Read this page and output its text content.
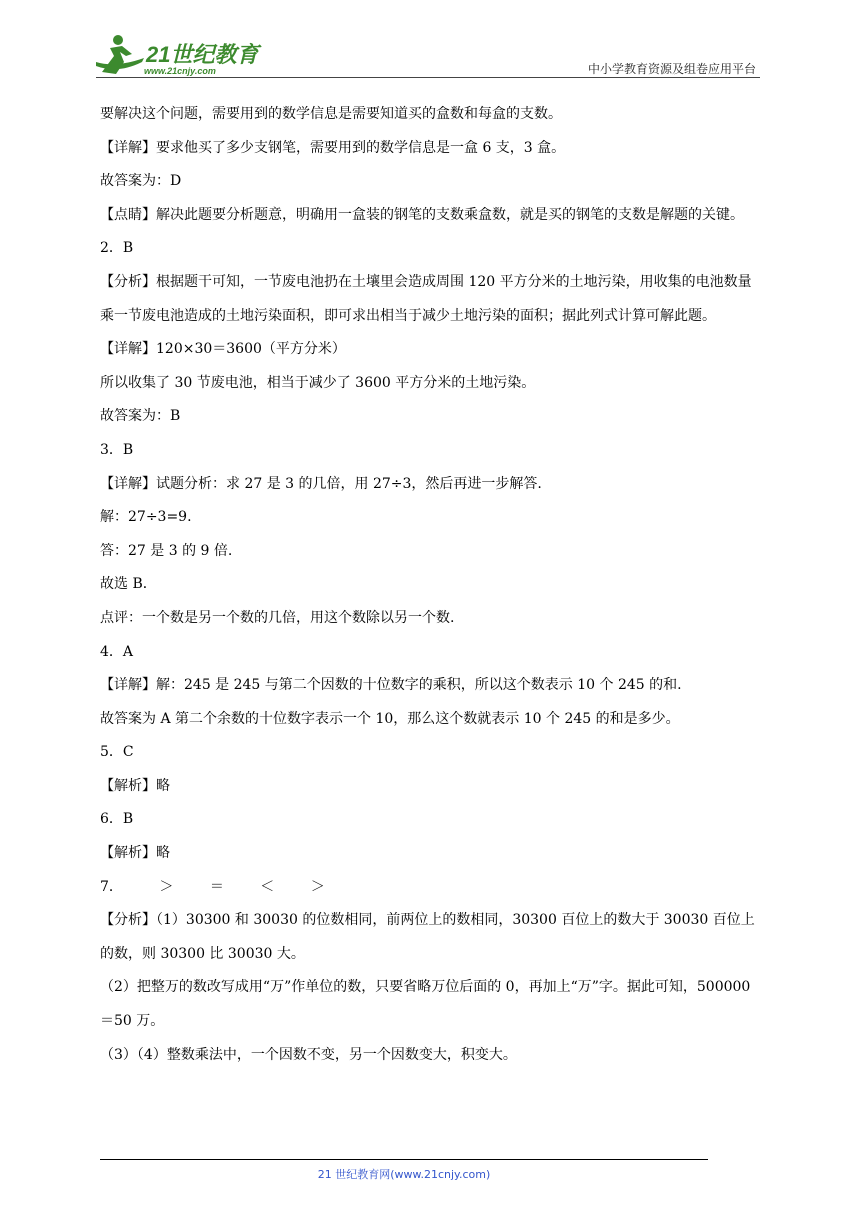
21世纪教育
www.21cnjy.com	中小学教育资源及组卷应用平台
要解决这个问题，需要用到的数学信息是需要知道买的盒数和每盒的支数。
【详解】要求他买了多少支钢笔，需要用到的数学信息是一盒 6 支，3 盒。
故答案为：D
【点睛】解决此题要分析题意，明确用一盒装的钢笔的支数乘盒数，就是买的钢笔的支数是解题的关键。
2．B
【分析】根据题干可知，一节废电池扔在土壤里会造成周围 120 平方分米的土地污染，用收集的电池数量乘一节废电池造成的土地污染面积，即可求出相当于减少土地污染的面积；据此列式计算可解此题。
【详解】120×30＝3600（平方分米）
所以收集了 30 节废电池，相当于减少了 3600 平方分米的土地污染。
故答案为：B
3．B
【详解】试题分析：求 27 是 3 的几倍，用 27÷3，然后再进一步解答.
解：27÷3=9.
答：27 是 3 的 9 倍.
故选 B．
点评：一个数是另一个数的几倍，用这个数除以另一个数.
4．A
【详解】解：245 是 245 与第二个因数的十位数字的乘积，所以这个数表示 10 个 245 的和.
故答案为 A 第二个余数的十位数字表示一个 10，那么这个数就表示 10 个 245 的和是多少。
5．C
【解析】略
6．B
【解析】略
7．	＞	＝	＜	＞
【分析】（1）30300 和 30030 的位数相同，前两位上的数相同，30300 百位上的数大于 30030 百位上的数，则 30300 比 30030 大。
（2）把整万的数改写成用“万”作单位的数，只要省略万位后面的 0，再加上“万”字。据此可知，500000＝50 万。
（3）（4）整数乘法中，一个因数不变，另一个因数变大，积变大。
21 世纪教育网(www.21cnjy.com)
